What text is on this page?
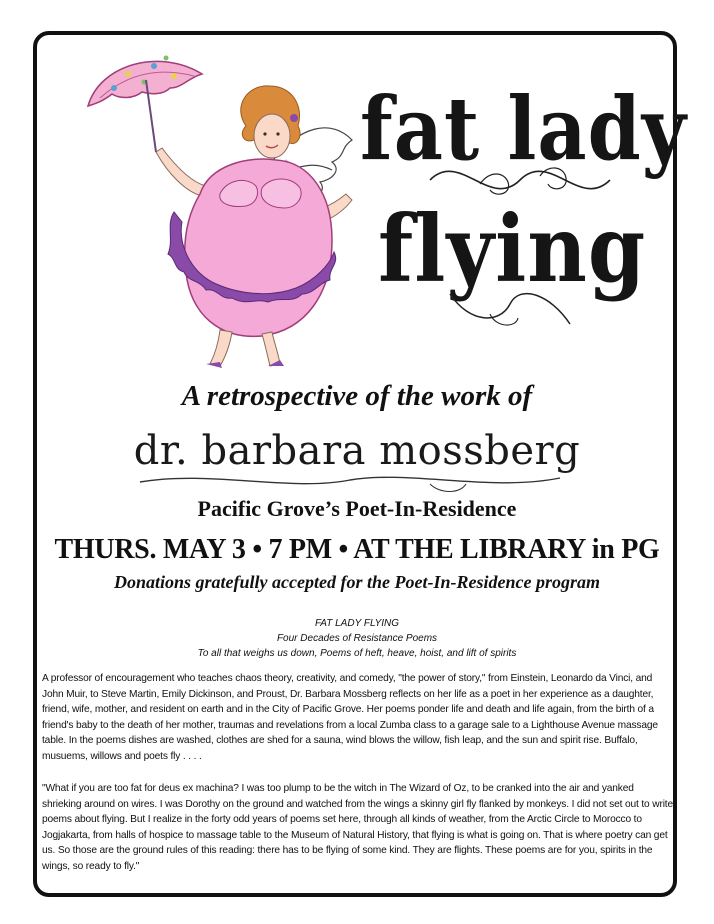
fat lady
flying
A retrospective of the work of
dr. barbara mossberg
Pacific Grove’s Poet-In-Residence
THURS. MAY 3 • 7 PM • AT THE LIBRARY in PG
Donations gratefully accepted for the Poet-In-Residence program
FAT LADY FLYING
Four Decades of Resistance Poems
To all that weighs us down, Poems of heft, heave, hoist, and lift of spirits
A professor of encouragement who teaches chaos theory, creativity, and comedy, "the power of story," from Einstein, Leonardo da Vinci, and John Muir, to Steve Martin, Emily Dickinson, and Proust, Dr. Barbara Mossberg reflects on her life as a poet in her experience as a daughter, friend, wife, mother, and resident on earth and in the City of Pacific Grove. Her poems ponder life and death and life again, from the birth of a friend's baby to the death of her mother, traumas and revelations from a local Zumba class to a garage sale to a Lighthouse Avenue massage table. In the poems dishes are washed, clothes are shed for a sauna, wind blows the willow, fish leap, and the sun and spirit rise. Buffalo, musuems, willows and poets fly . . . .
"What if you are too fat for deus ex machina? I was too plump to be the witch in The Wizard of Oz, to be cranked into the air and yanked shrieking around on wires. I was Dorothy on the ground and watched from the wings a skinny girl fly flanked by monkeys. I did not set out to write poems about flying. But I realize in the forty odd years of poems set here, through all kinds of weather, from the Arctic Circle to Morocco to Jogjakarta, from halls of hospice to massage table to the Museum of Natural History, that flying is what is going on. That is where poetry can get us. So those are the ground rules of this reading: there has to be flying of some kind. They are flights. These poems are for you, spirits in the wings, so ready to fly."
